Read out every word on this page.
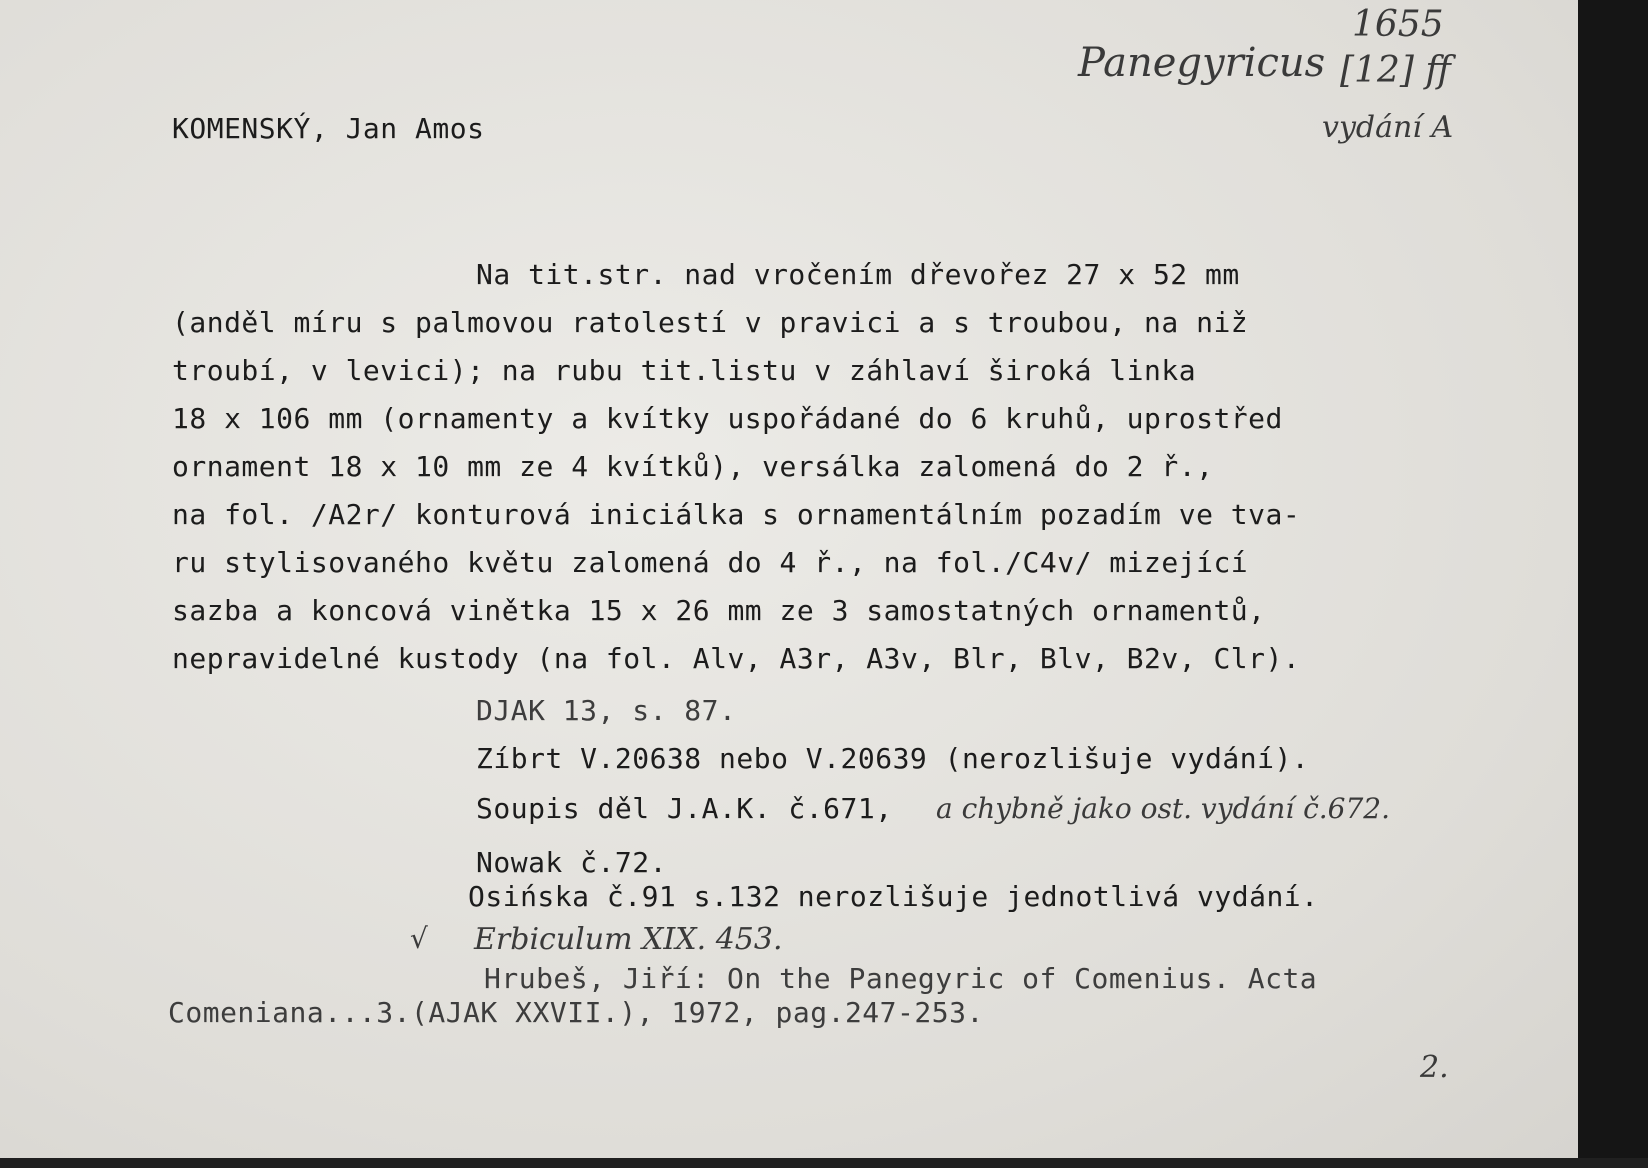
KOMENSKÝ, Jan Amos
1655
Panegyricus [12] ff
vydání A
Na tit.str. nad vročením dřevořez 27 x 52 mm
(anděl míru s palmovou ratolestí v pravici a s troubou, na niž
troubí, v levici); na rubu tit.listu v záhlaví široká linka
18 x 106 mm (ornamenty a kvítky uspořádané do 6 kruhů, uprostřed
ornament 18 x 10 mm ze 4 kvítků), versálka zalomená do 2 ř.,
na fol. /A2r/ konturová iniciálka s ornamentálním pozadím ve tva-
ru stylisovaného květu zalomená do 4 ř., na fol./C4v/ mizející
sazba a koncová vinětka 15 x 26 mm ze 3 samostatných ornamentů,
nepravidelné kustody (na fol. Alv, A3r, A3v, Blr, Blv, B2v, Clr).
DJAK 13, s. 87.
Zíbrt V.20638 nebo V.20639 (nerozlišuje vydání).
Soupis děl J.A.K. č.671, a chybně jako ost. vydání č.672.
Nowak č.72.
Osińska č.91 s.132 nerozlišuje jednotlivá vydání.
√ Erbiculum XIX. 453.
Hrubeš, Jiří: On the Panegyric of Comenius. Acta
Comeniana...3.(AJAK XXVII.), 1972, pag.247-253.
2.
